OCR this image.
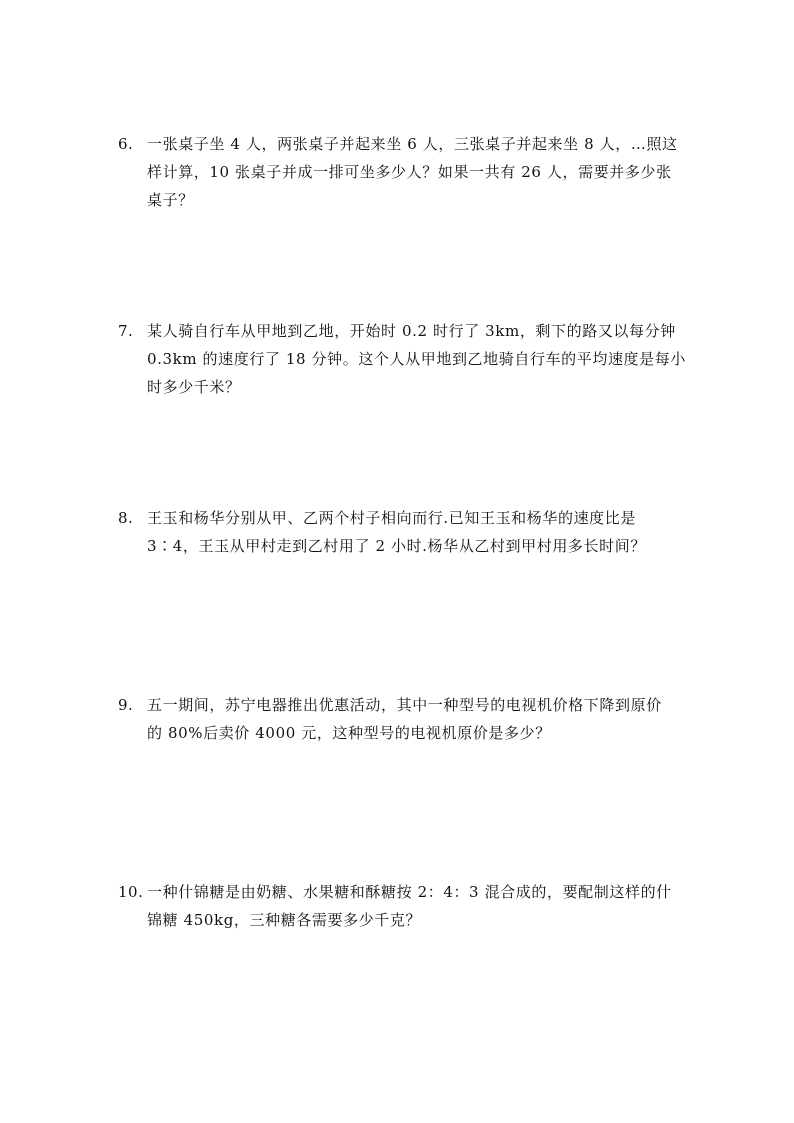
6. 一张桌子坐 4 人，两张桌子并起来坐 6 人，三张桌子并起来坐 8 人，…照这
样计算，10 张桌子并成一排可坐多少人？如果一共有 26 人，需要并多少张
桌子？
7. 某人骑自行车从甲地到乙地，开始时 0.2 时行了 3km，剩下的路又以每分钟
0.3km 的速度行了 18 分钟。这个人从甲地到乙地骑自行车的平均速度是每小
时多少千米？
8. 王玉和杨华分别从甲、乙两个村子相向而行.已知王玉和杨华的速度比是
3∶4，王玉从甲村走到乙村用了 2 小时.杨华从乙村到甲村用多长时间？
9. 五一期间，苏宁电器推出优惠活动，其中一种型号的电视机价格下降到原价
的 80%后卖价 4000 元，这种型号的电视机原价是多少？
10. 一种什锦糖是由奶糖、水果糖和酥糖按 2：4：3 混合成的，要配制这样的什
锦糖 450kg，三种糖各需要多少千克？
